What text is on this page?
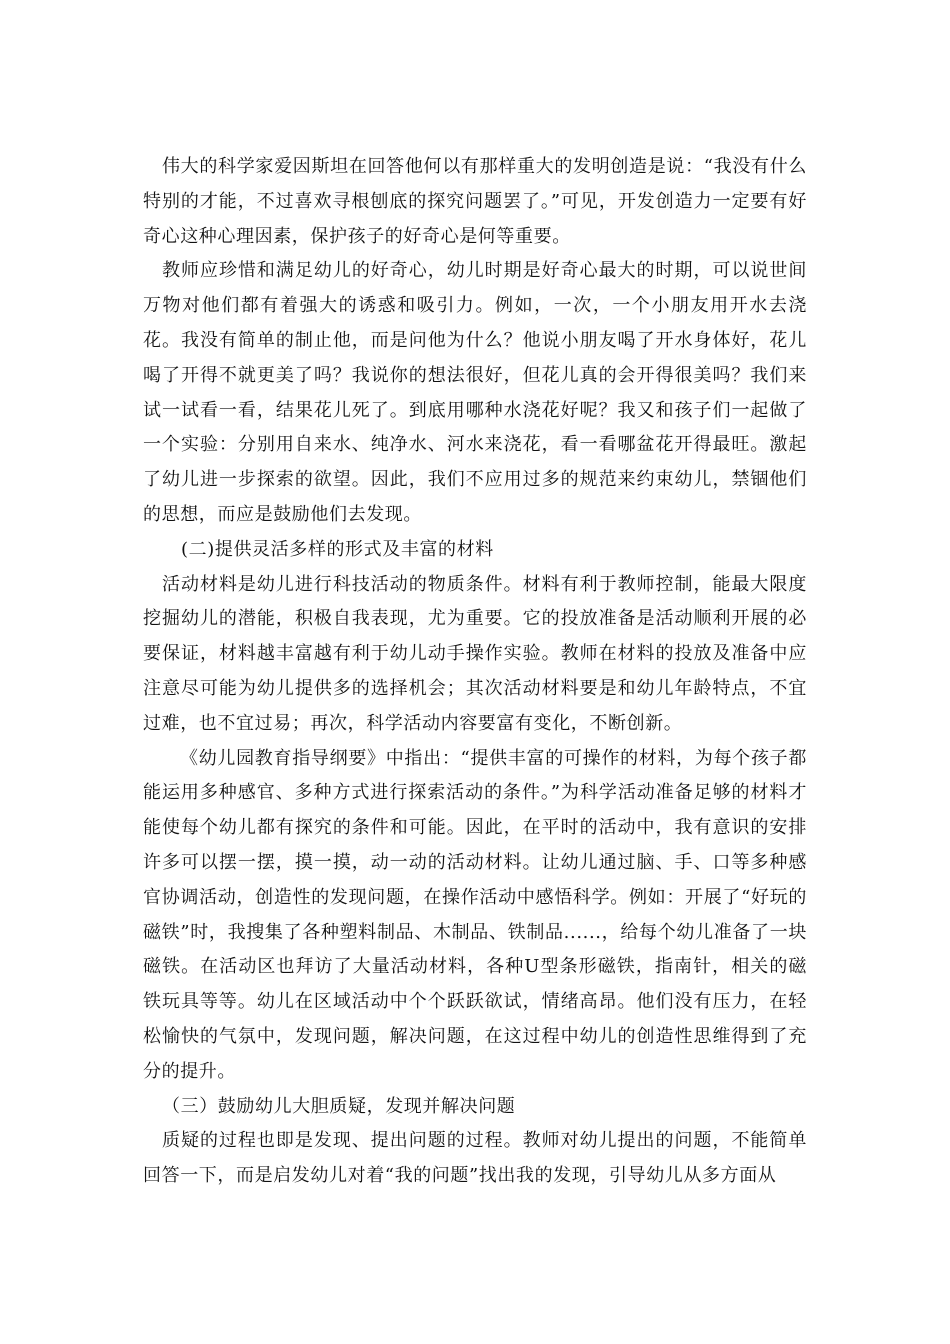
伟大的科学家爱因斯坦在回答他何以有那样重大的发明创造是说：“我没有什么特别的才能，不过喜欢寻根刨底的探究问题罢了。”可见，开发创造力一定要有好奇心这种心理因素，保护孩子的好奇心是何等重要。

教师应珍惜和满足幼儿的好奇心，幼儿时期是好奇心最大的时期，可以说世间万物对他们都有着强大的诱惑和吸引力。例如，一次，一个小朋友用开水去浇花。我没有简单的制止他，而是问他为什么？他说小朋友喝了开水身体好，花儿喝了开得不就更美了吗？我说你的想法很好，但花儿真的会开得很美吗？我们来试一试看一看，结果花儿死了。到底用哪种水浇花好呢？我又和孩子们一起做了一个实验：分别用自来水、纯净水、河水来浇花，看一看哪盆花开得最旺。激起了幼儿进一步探索的欲望。因此，我们不应用过多的规范来约束幼儿，禁锢他们的思想，而应是鼓励他们去发现。

(二)提供灵活多样的形式及丰富的材料

活动材料是幼儿进行科技活动的物质条件。材料有利于教师控制，能最大限度挖掘幼儿的潜能，积极自我表现，尤为重要。它的投放准备是活动顺利开展的必要保证，材料越丰富越有利于幼儿动手操作实验。教师在材料的投放及准备中应注意尽可能为幼儿提供多的选择机会；其次活动材料要是和幼儿年龄特点，不宜过难，也不宜过易；再次，科学活动内容要富有变化，不断创新。

《幼儿园教育指导纲要》中指出：“提供丰富的可操作的材料，为每个孩子都能运用多种感官、多种方式进行探索活动的条件。”为科学活动准备足够的材料才能使每个幼儿都有探究的条件和可能。因此，在平时的活动中，我有意识的安排许多可以摆一摆，摸一摸，动一动的活动材料。让幼儿通过脑、手、口等多种感官协调活动，创造性的发现问题，在操作活动中感悟科学。例如：开展了“好玩的磁铁”时，我搜集了各种塑料制品、木制品、铁制品......，给每个幼儿准备了一块磁铁。在活动区也拜访了大量活动材料，各种U型条形磁铁，指南针，相关的磁铁玩具等等。幼儿在区域活动中个个跃跃欲试，情绪高昂。他们没有压力，在轻松愉快的气氛中，发现问题，解决问题，在这过程中幼儿的创造性思维得到了充分的提升。

（三）鼓励幼儿大胆质疑，发现并解决问题

质疑的过程也即是发现、提出问题的过程。教师对幼儿提出的问题，不能简单回答一下，而是启发幼儿对着“我的问题”找出我的发现，引导幼儿从多方面从
